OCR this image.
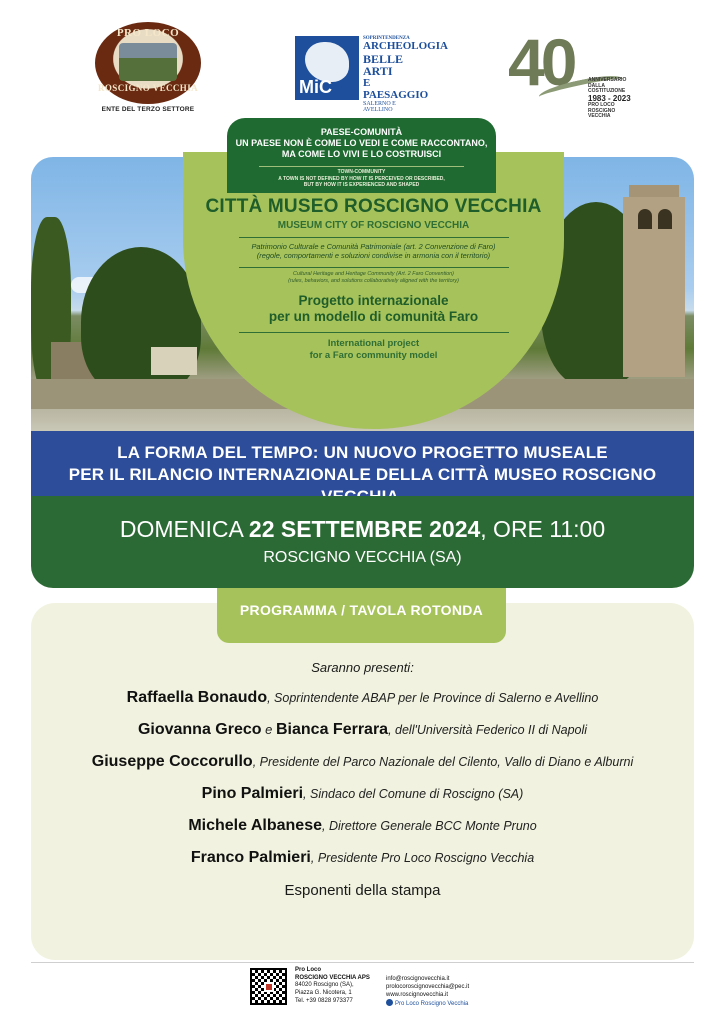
PRO LOCO
ROSCIGNO VECCHIA
ENTE DEL TERZO SETTORE
MiC
SOPRINTENDENZA
ARCHEOLOGIA
BELLE ARTI
E PAESAGGIO
SALERNO E AVELLINO
40	ANNIVERSARIO
DALLA COSTITUZIONE
1983 - 2023
PRO LOCO
ROSCIGNO VECCHIA
PAESE-COMUNITÀ
UN PAESE NON È COME LO VEDI E COME RACCONTANO,
MA COME LO VIVI E LO COSTRUISCI
TOWN-COMMUNITY
A TOWN IS NOT DEFINED BY HOW IT IS PERCEIVED OR DESCRIBED,
BUT BY HOW IT IS EXPERIENCED AND SHAPED
CITTÀ MUSEO ROSCIGNO VECCHIA
MUSEUM CITY OF ROSCIGNO VECCHIA
Patrimonio Culturale e Comunità Patrimoniale (art. 2 Convenzione di Faro)
(regole, comportamenti e soluzioni condivise in armonia con il territorio)
Cultural Heritage and Heritage Community (Art. 2 Faro Convention)
(rules, behaviors, and solutions collaboratively aligned with the territory)
Progetto internazionale
per un modello di comunità Faro
International project
for a Faro community model
LA FORMA DEL TEMPO: UN NUOVO PROGETTO MUSEALE
PER IL RILANCIO INTERNAZIONALE DELLA CITTÀ MUSEO ROSCIGNO
DOMENICA 22 SETTEMBRE 2024, ORE 11:00
ROSCIGNO VECCHIA (SA)
PROGRAMMA / TAVOLA ROTONDA
Saranno presenti:
Raffaella Bonaudo, Soprintendente ABAP per le Province di Salerno e Avellino
Giovanna Greco e Bianca Ferrara, dell'Università Federico II di Napoli
Giuseppe Coccorullo, Presidente del Parco Nazionale del Cilento, Vallo di Diano e Alburni
Pino Palmieri, Sindaco del Comune di Roscigno (SA)
Michele Albanese, Direttore Generale BCC Monte Pruno
Franco Palmieri, Presidente Pro Loco Roscigno Vecchia
Esponenti della stampa
Pro Loco
ROSCIGNO VECCHIA APS
84020 Roscigno (SA),
Piazza G. Nicotera, 1
Tel. +39 0828 973377
info@roscignovecchia.it
prolocoroscignovecchia@pec.it
www.roscignovecchia.it
Pro Loco Roscigno Vecchia
